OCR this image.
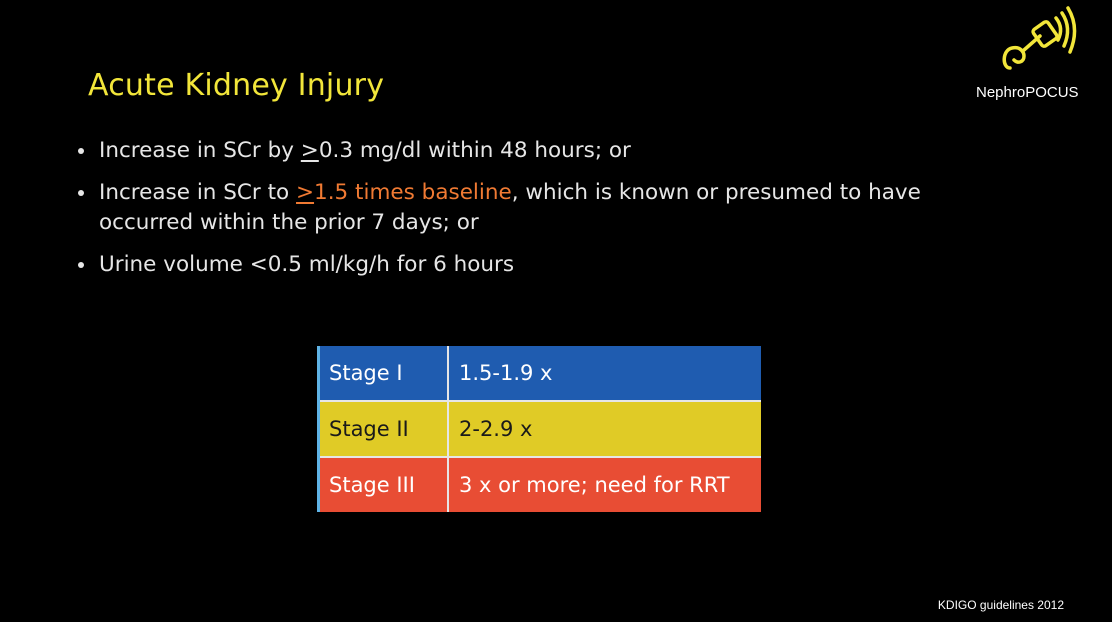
Acute Kidney Injury	NephroPOCUS
Increase in SCr by >0.3 mg/dl within 48 hours; or
Increase in SCr to >1.5 times baseline, which is known or presumed to have occurred within the prior 7 days; or
Urine volume <0.5 ml/kg/h for 6 hours
Stage I	1.5-1.9 x
Stage II	2-2.9 x
Stage III	3 x or more; need for RRT
KDIGO guidelines 2012
